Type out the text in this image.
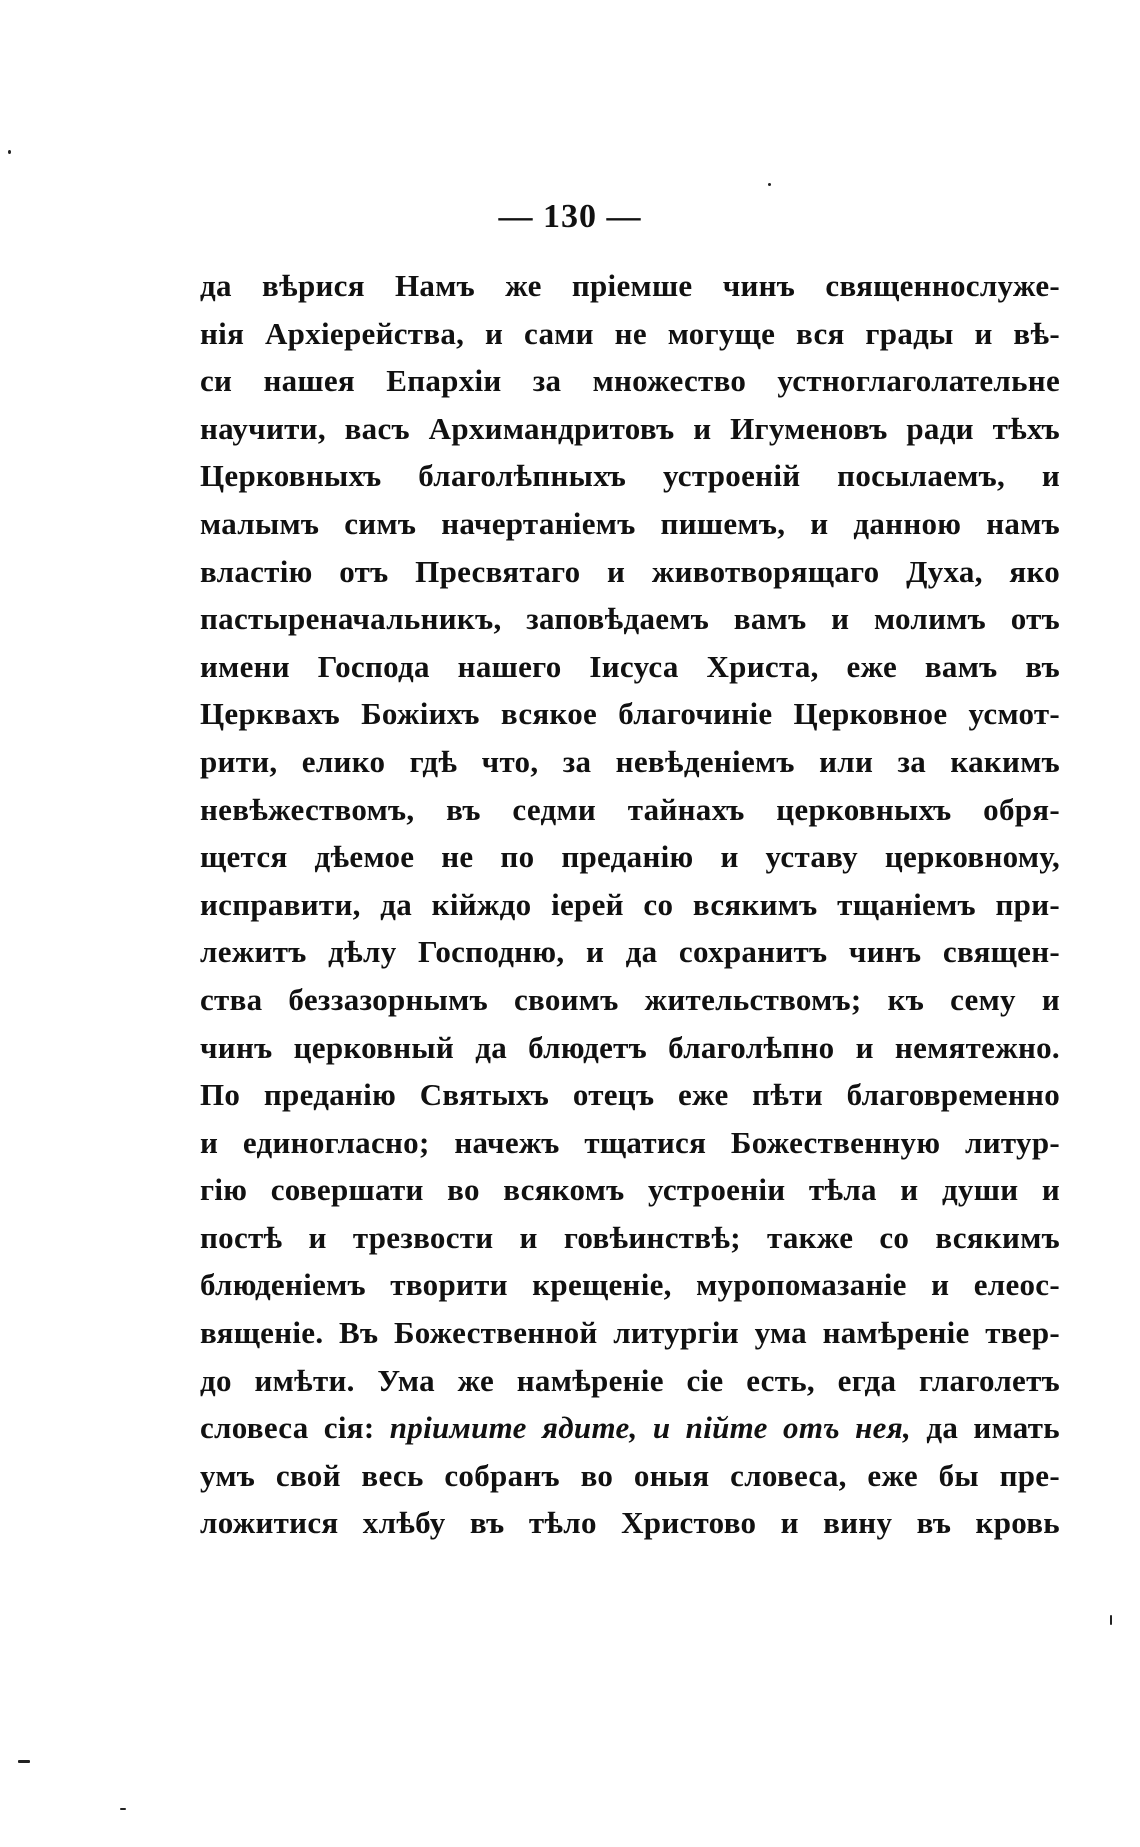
— 130 —
да вѣрися Намъ же пріемше чинъ священнослуже-
нія Архіерейства, и сами не могуще вся грады и вѣ-
си нашея Епархіи за множество устноглаголательне
научити, васъ Архимандритовъ и Игуменовъ ради тѣхъ
Церковныхъ благолѣпныхъ устроеній посылаемъ, и
малымъ симъ начертаніемъ пишемъ, и данною намъ
властію отъ Пресвятаго и животворящаго Духа, яко
пастыреначальникъ, заповѣдаемъ вамъ и молимъ отъ
имени Господа нашего Іисуса Христа, еже вамъ въ
Церквахъ Божіихъ всякое благочиніе Церковное усмот-
рити, елико гдѣ что, за невѣденіемъ или за какимъ
невѣжествомъ, въ седми тайнахъ церковныхъ обря-
щется дѣемое не по преданію и уставу церковному,
исправити, да кійждо іерей со всякимъ тщаніемъ при-
лежитъ дѣлу Господню, и да сохранитъ чинъ священ-
ства беззазорнымъ своимъ жительствомъ; къ сему и
чинъ церковный да блюдетъ благолѣпно и немятежно.
По преданію Святыхъ отецъ еже пѣти благовременно
и единогласно; начежъ тщатися Божественную литур-
гію совершати во всякомъ устроеніи тѣла и души и
постѣ и трезвости и говѣинствѣ; также со всякимъ
блюденіемъ творити крещеніе, муропомазаніе и елеос-
вященіе. Въ Божественной литургіи ума намѣреніе твер-
до имѣти. Ума же намѣреніе сіе есть, егда глаголетъ
словеса сія: пріимите ядите, и пійте отъ нея, да имать
умъ свой весь собранъ во оныя словеса, еже бы пре-
ложитися хлѣбу въ тѣло Христово и вину въ кровь
